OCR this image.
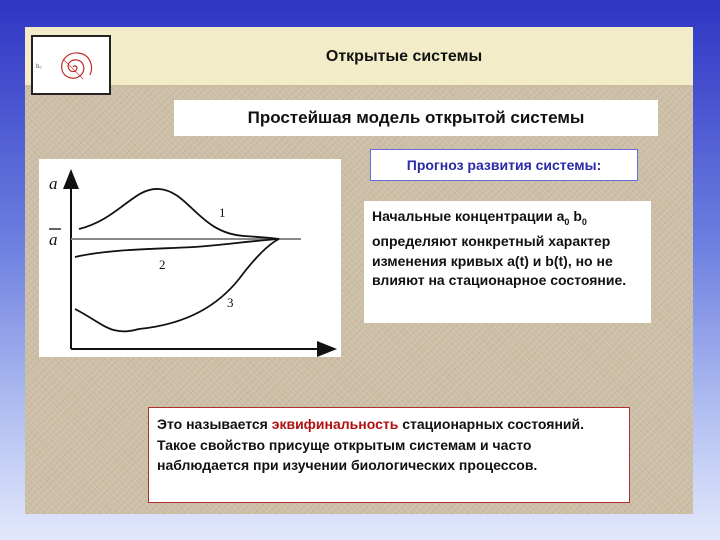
Открытые системы
b₀
Простейшая модель открытой системы
a
a
1
2
3
Прогноз развития системы:

Начальные концентрации $a_0$ $b_0$ определяют конкретный характер изменения кривых a(t) и b(t), но не влияют на стационарное состояние.

Это называется эквифинальность стационарных состояний. Такое свойство присуще открытым системам и часто наблюдается при изучении биологических процессов.
